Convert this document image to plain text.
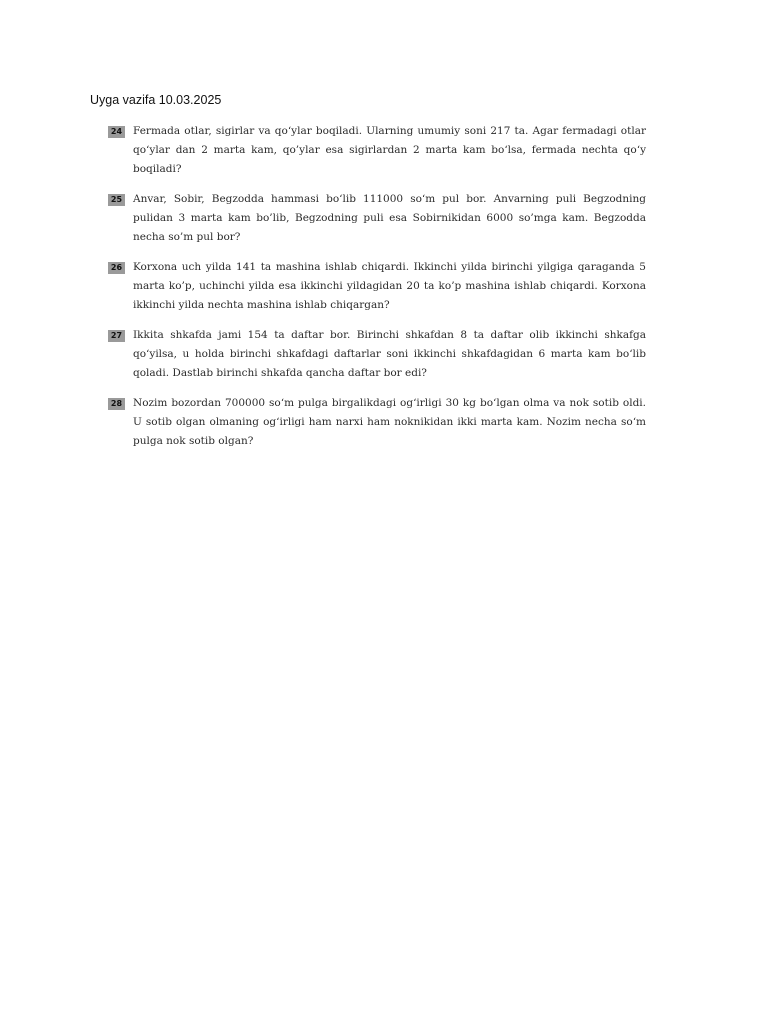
Uyga vazifa 10.03.2025
24 Fermada otlar, sigirlar va qo‘ylar boqiladi. Ularning umumiy soni 217 ta. Agar fermadagi otlar qo‘ylar dan 2 marta kam, qo’ylar esa sigirlardan 2 marta kam bo‘lsa, fermada nechta qo‘y boqiladi?
25 Anvar, Sobir, Begzodda hammasi bo‘lib 111000 so‘m pul bor. Anvarning puli Begzodning pulidan 3 marta kam bo’lib, Begzodning puli esa Sobirnikidan 6000 so’mga kam. Begzodda necha so’m pul bor?
26 Korxona uch yilda 141 ta mashina ishlab chiqardi. Ikkinchi yilda birinchi yilgiga qaraganda 5 marta ko’p, uchinchi yilda esa ikkinchi yildagidan 20 ta ko’p mashina ishlab chiqardi. Korxona ikkinchi yilda nechta mashina ishlab chiqargan?
27 Ikkita shkafda jami 154 ta daftar bor. Birinchi shkafdan 8 ta daftar olib ikkinchi shkafga qo‘yilsa, u holda birinchi shkafdagi daftarlar soni ikkinchi shkafdagidan 6 marta kam bo‘lib qoladi. Dastlab birinchi shkafda qancha daftar bor edi?
28 Nozim bozordan 700000 so‘m pulga birgalikdagi og‘irligi 30 kg bo‘lgan olma va nok sotib oldi. U sotib olgan olmaning og‘irligi ham narxi ham noknikidan ikki marta kam. Nozim necha so‘m pulga nok sotib olgan?
